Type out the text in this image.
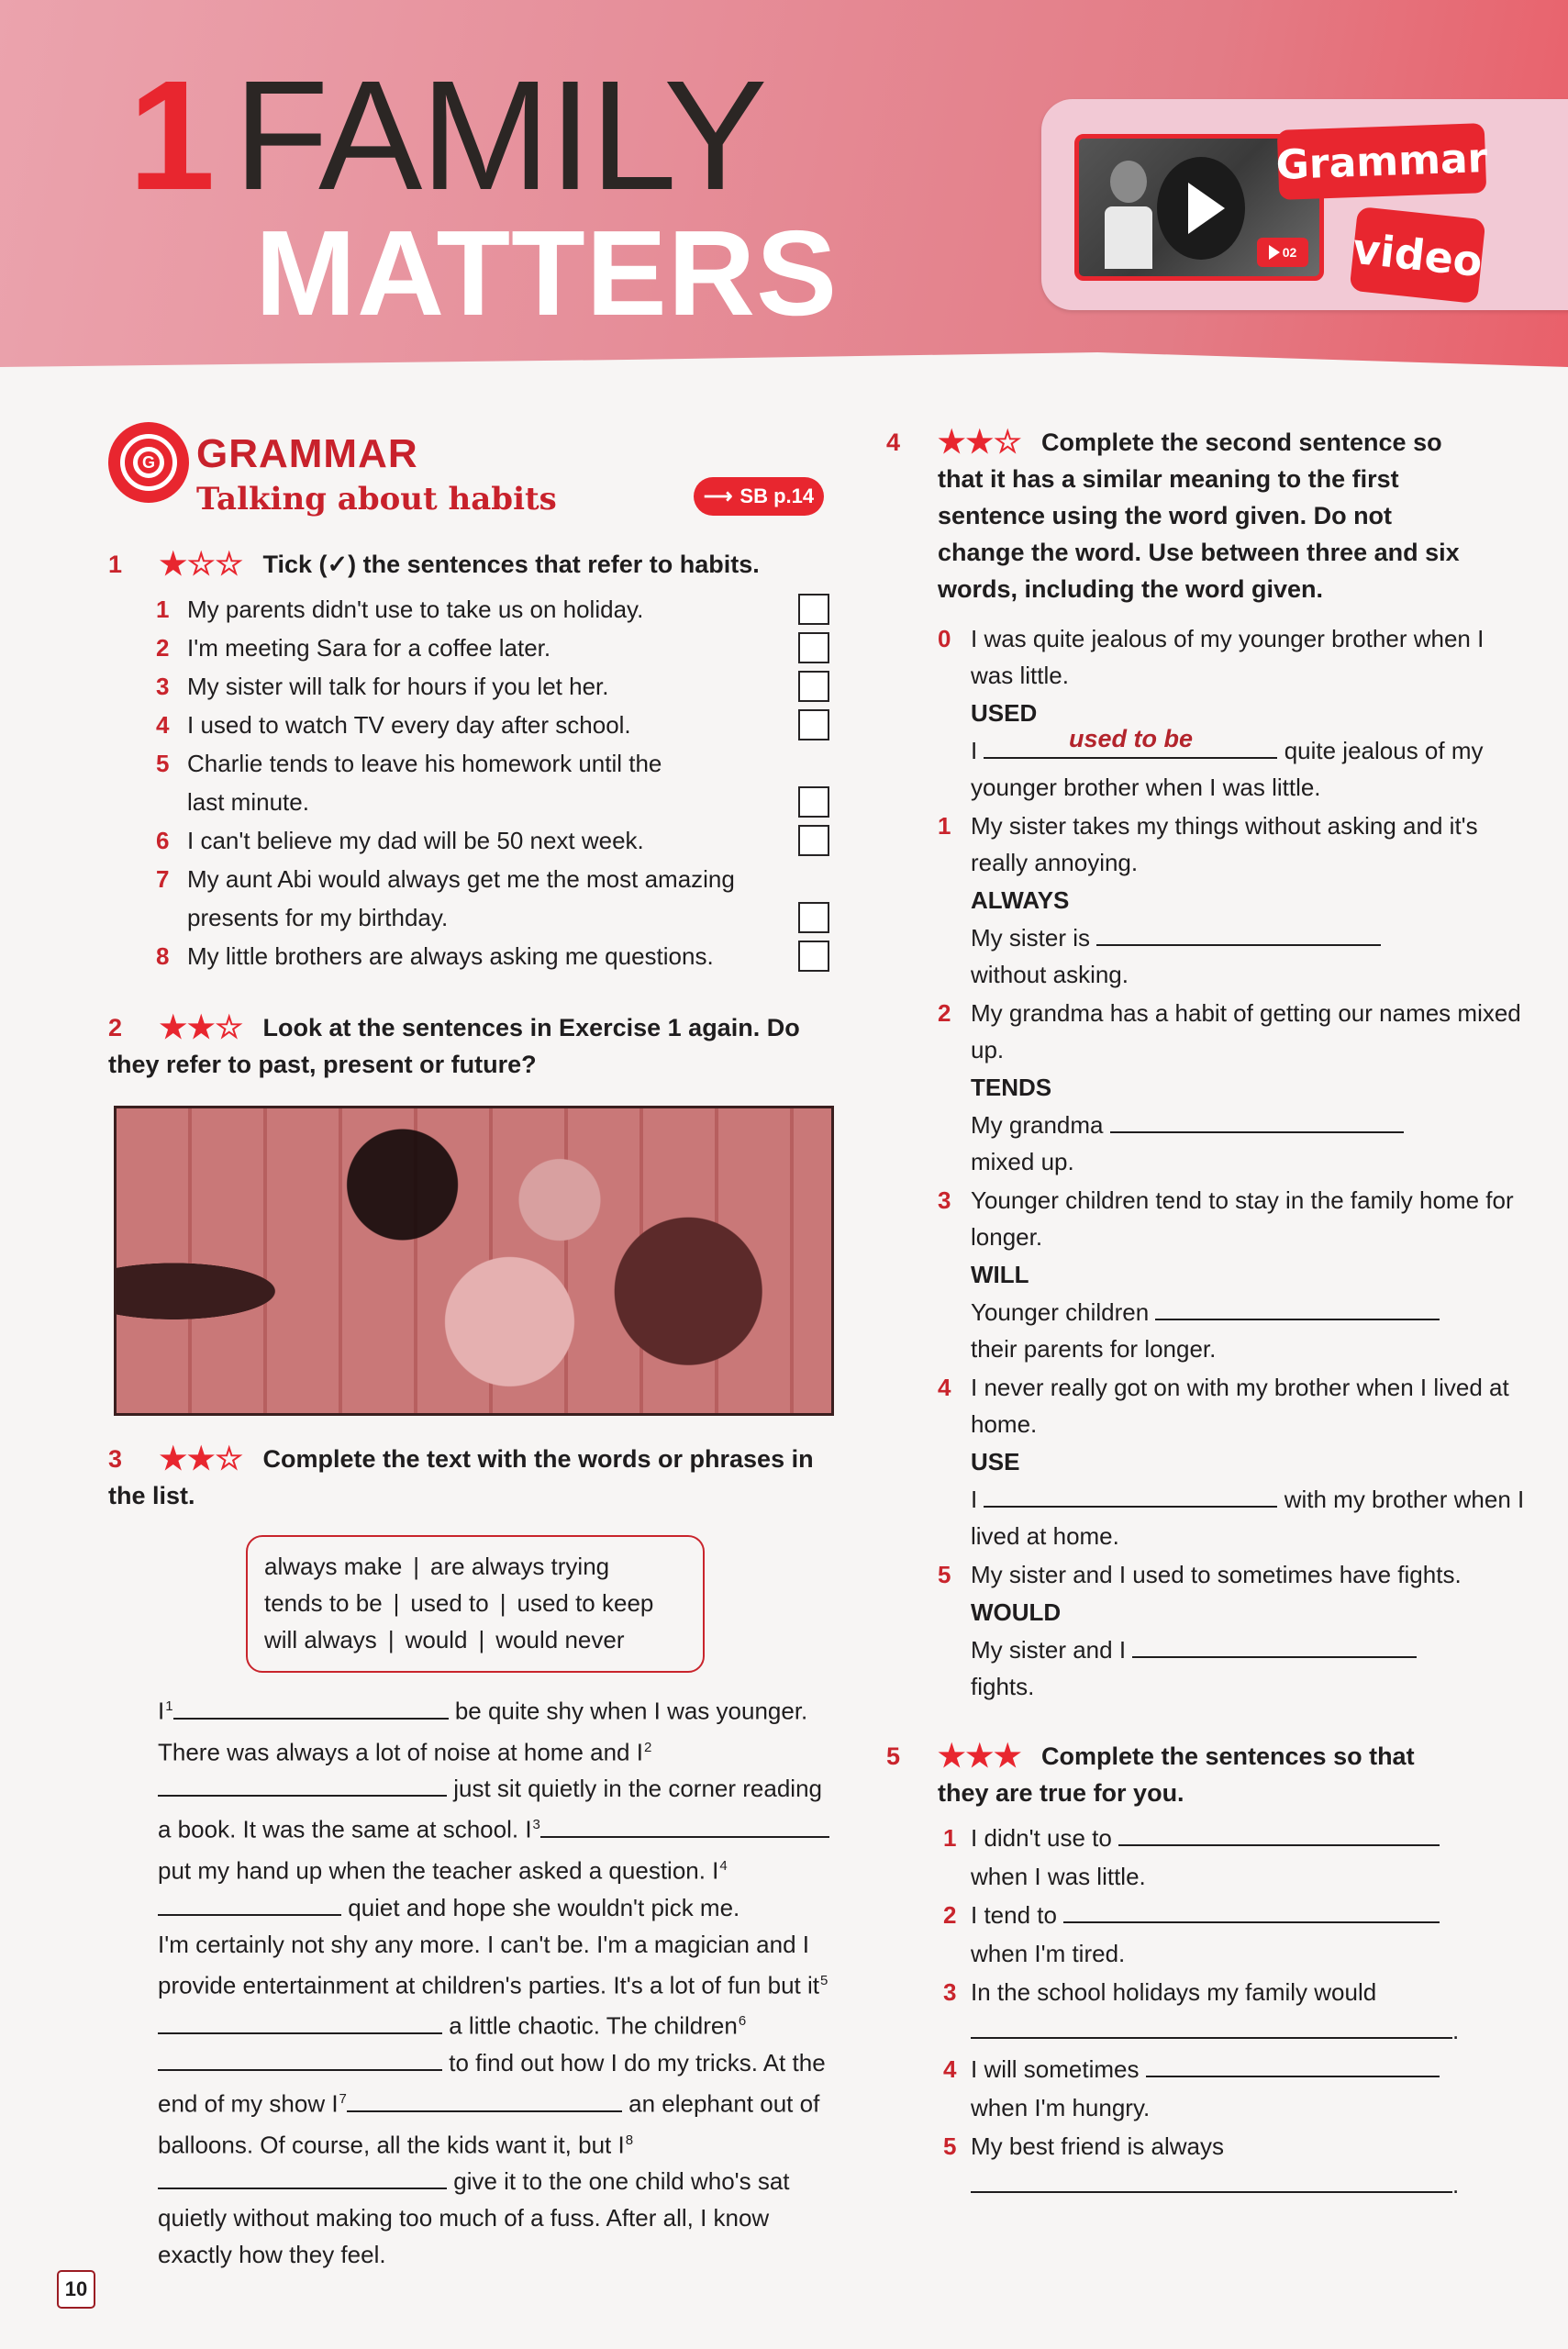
1 FAMILY
MATTERS	02
Grammar
video
G GRAMMAR
Talking about habits	⟶ SB p.14
1 ★ ☆ ☆ Tick (✓) the sentences that refer to habits.
1 My parents didn't use to take us on holiday.
2 I'm meeting Sara for a coffee later.
3 My sister will talk for hours if you let her.
4 I used to watch TV every day after school.
5 Charlie tends to leave his homework until the last minute.
6 I can't believe my dad will be 50 next week.
7 My aunt Abi would always get me the most amazing presents for my birthday.
8 My little brothers are always asking me questions.
2 ★ ★ ☆ Look at the sentences in Exercise 1 again. Do they refer to past, present or future?
3 ★ ★ ☆ Complete the text with the words or phrases in the list.
always make | are always trying
tends to be | used to | used to keep
will always | would | would never
$I^1$	be quite shy when I was younger. There was always a lot of noise at home and $I^2$ just sit quietly in the corner reading a book. It was the same at school. $I^3$ put my hand up when the teacher asked a question. $I^4$ quiet and hope she wouldn't pick me.
I'm certainly not shy any more. I can't be. I'm a magician and I provide entertainment at children's parties. It's a lot of fun but $it^5$ a little chaotic. The children$^6$ to find out how I do my tricks. At the end of my show $I^7$	an elephant out of balloons. Of course, all the kids want it, but $I^8$ give it to the one child who's sat quietly without making too much of a fuss. After all, I know exactly how they feel.
10
4	★ ★ ☆ Complete the second sentence so that it has a similar meaning to the first sentence using the word given. Do not change the word. Use between three and six words, including the word given.
0 I was quite jealous of my younger brother when I was little.
USED
I	used to be	quite jealous of my younger brother when I was little.
1 My sister takes my things without asking and it's really annoying.
ALWAYS
My sister is
without asking.
2 My grandma has a habit of getting our names mixed up.
TENDS
My grandma
mixed up.
3 Younger children tend to stay in the family home for longer.
WILL
Younger children
their parents for longer.
4 I never really got on with my brother when I lived at home.
USE
I	with my brother when I lived at home.
5 My sister and I used to sometimes have fights.
WOULD
My sister and I
fights.
5	★ ★ ★ Complete the sentences so that they are true for you.
1 I didn't use to
when I was little.
2 I tend to
when I'm tired.
3 In the school holidays my family would
.
4 I will sometimes
when I'm hungry.
5 My best friend is always
.
